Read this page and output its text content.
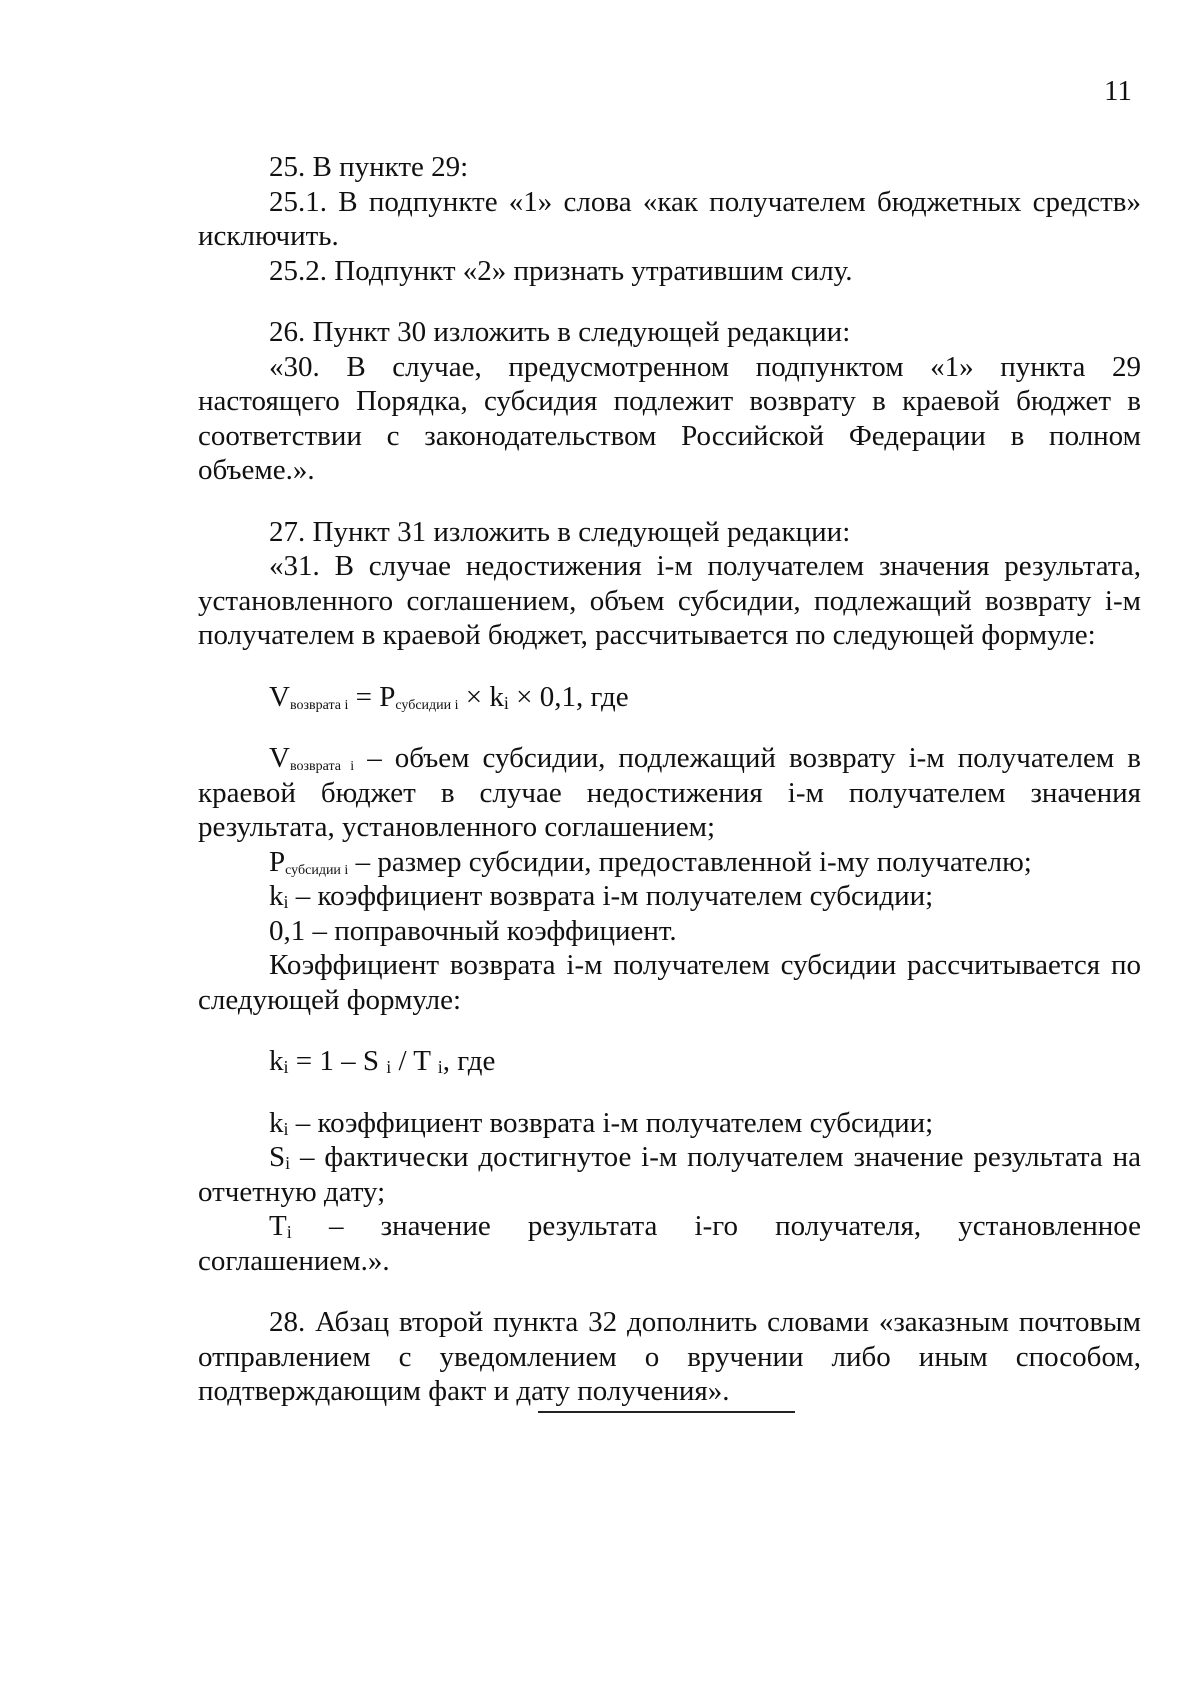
11

25. В пункте 29:

25.1. В подпункте «1» слова «как получателем бюджетных средств» исключить.

25.2. Подпункт «2» признать утратившим силу.

26. Пункт 30 изложить в следующей редакции:

«30. В случае, предусмотренном подпунктом «1» пункта 29 настоящего Порядка, субсидия подлежит возврату в краевой бюджет в соответствии с законодательством Российской Федерации в полном объеме.».

27. Пункт 31 изложить в следующей редакции:

«31. В случае недостижения i-м получателем значения результата, установленного соглашением, объем субсидии, подлежащий возврату i-м получателем в краевой бюджет, рассчитывается по следующей формуле:

$V_{возврата i} = P_{субсидии i} \times k_i \times 0,1$, где

$V_{возврата i}$ – объем субсидии, подлежащий возврату i-м получателем в краевой бюджет в случае недостижения i-м получателем значения результата, установленного соглашением;

$P_{субсидии i}$ – размер субсидии, предоставленной i-му получателю;

$k_i$ – коэффициент возврата i-м получателем субсидии;

0,1 – поправочный коэффициент.

Коэффициент возврата i-м получателем субсидии рассчитывается по следующей формуле:

$k_i = 1 - S$ $_i$ / T $_i$, где

$k_i$ – коэффициент возврата i-м получателем субсидии;

$S_i$ – фактически достигнутое i-м получателем значение результата на отчетную дату;

$T_i$ – значение результата i-го получателя, установленное соглашением.».

28. Абзац второй пункта 32 дополнить словами «заказным почтовым отправлением с уведомлением о вручении либо иным способом, подтверждающим факт и дату получения».
